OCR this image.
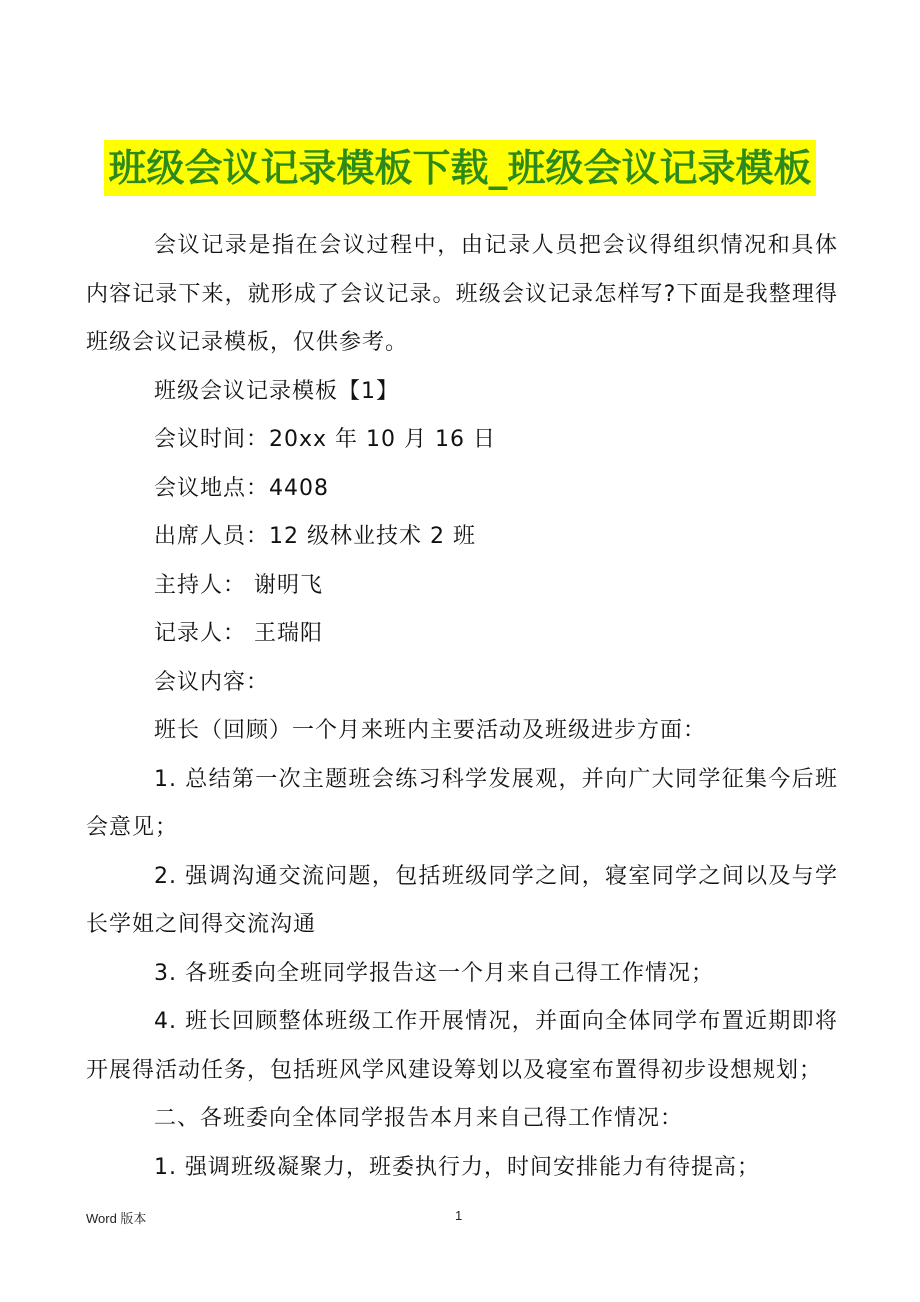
班级会议记录模板下载_班级会议记录模板

会议记录是指在会议过程中，由记录人员把会议得组织情况和具体内容记录下来，就形成了会议记录。班级会议记录怎样写?下面是我整理得班级会议记录模板，仅供参考。

班级会议记录模板【1】

会议时间：20xx 年 10 月 16 日

会议地点：4408

出席人员：12 级林业技术 2 班

主持人： 谢明飞

记录人： 王瑞阳

会议内容：

班长（回顾）一个月来班内主要活动及班级进步方面：

1. 总结第一次主题班会练习科学发展观，并向广大同学征集今后班会意见；

2. 强调沟通交流问题，包括班级同学之间，寝室同学之间以及与学长学姐之间得交流沟通

3. 各班委向全班同学报告这一个月来自己得工作情况；

4. 班长回顾整体班级工作开展情况，并面向全体同学布置近期即将开展得活动任务，包括班风学风建设筹划以及寝室布置得初步设想规划；

二、各班委向全体同学报告本月来自己得工作情况：

1. 强调班级凝聚力，班委执行力，时间安排能力有待提高；

Word 版本	1
